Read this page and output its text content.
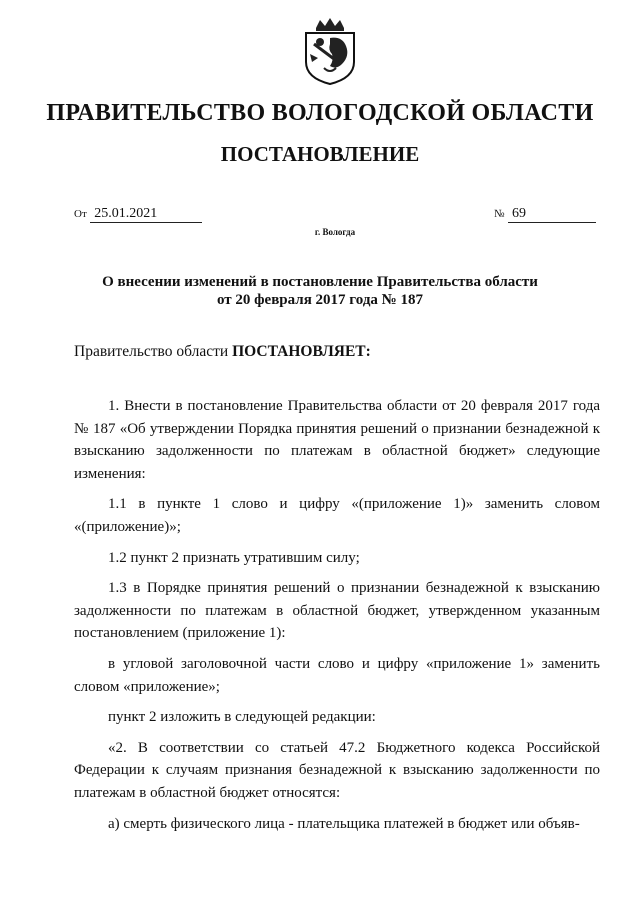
ПРАВИТЕЛЬСТВО ВОЛОГОДСКОЙ ОБЛАСТИ
ПОСТАНОВЛЕНИЕ
От 25.01.2021	№ 69
г. Вологда
О внесении изменений в постановление Правительства области
от 20 февраля 2017 года № 187
Правительство области ПОСТАНОВЛЯЕТ:

1. Внести в постановление Правительства области от 20 февраля 2017 года № 187 «Об утверждении Порядка принятия решений о признании безнадежной к взысканию задолженности по платежам в областной бюджет» следующие изменения:

1.1 в пункте 1 слово и цифру «(приложение 1)» заменить словом «(приложение)»;

1.2 пункт 2 признать утратившим силу;

1.3 в Порядке принятия решений о признании безнадежной к взысканию задолженности по платежам в областной бюджет, утвержденном указанным постановлением (приложение 1):

в угловой заголовочной части слово и цифру «приложение 1» заменить словом «приложение»;

пункт 2 изложить в следующей редакции:

«2. В соответствии со статьей 47.2 Бюджетного кодекса Российской Федерации к случаям признания безнадежной к взысканию задолженности по платежам в областной бюджет относятся:

а) смерть физического лица - плательщика платежей в бюджет или объяв-
